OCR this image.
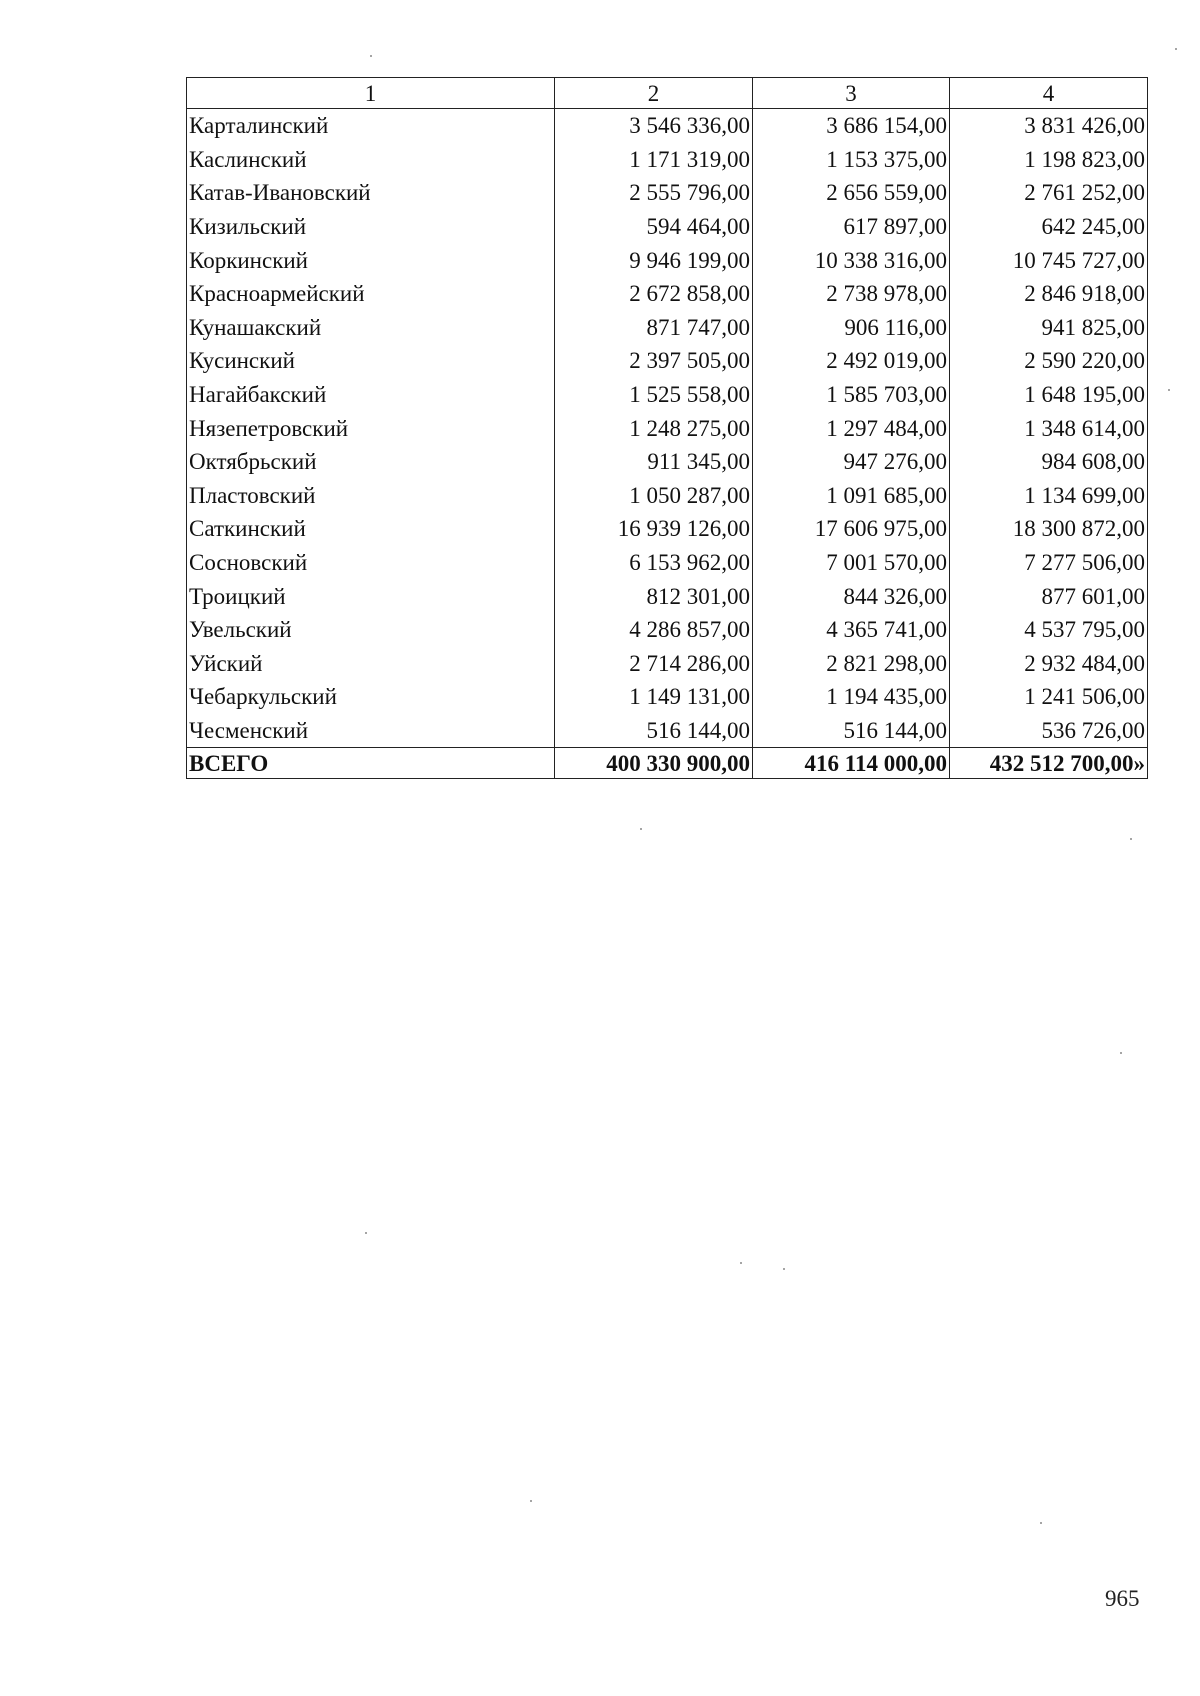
1	2	3	4
Карталинский	3 546 336,00	3 686 154,00	3 831 426,00
Каслинский	1 171 319,00	1 153 375,00	1 198 823,00
Катав-Ивановский	2 555 796,00	2 656 559,00	2 761 252,00
Кизильский	594 464,00	617 897,00	642 245,00
Коркинский	9 946 199,00	10 338 316,00	10 745 727,00
Красноармейский	2 672 858,00	2 738 978,00	2 846 918,00
Кунашакский	871 747,00	906 116,00	941 825,00
Кусинский	2 397 505,00	2 492 019,00	2 590 220,00
Нагайбакский	1 525 558,00	1 585 703,00	1 648 195,00
Нязепетровский	1 248 275,00	1 297 484,00	1 348 614,00
Октябрьский	911 345,00	947 276,00	984 608,00
Пластовский	1 050 287,00	1 091 685,00	1 134 699,00
Саткинский	16 939 126,00	17 606 975,00	18 300 872,00
Сосновский	6 153 962,00	7 001 570,00	7 277 506,00
Троицкий	812 301,00	844 326,00	877 601,00
Увельский	4 286 857,00	4 365 741,00	4 537 795,00
Уйский	2 714 286,00	2 821 298,00	2 932 484,00
Чебаркульский	1 149 131,00	1 194 435,00	1 241 506,00
Чесменский	516 144,00	516 144,00	536 726,00
ВСЕГО	400 330 900,00	416 114 000,00	432 512 700,00»
965
